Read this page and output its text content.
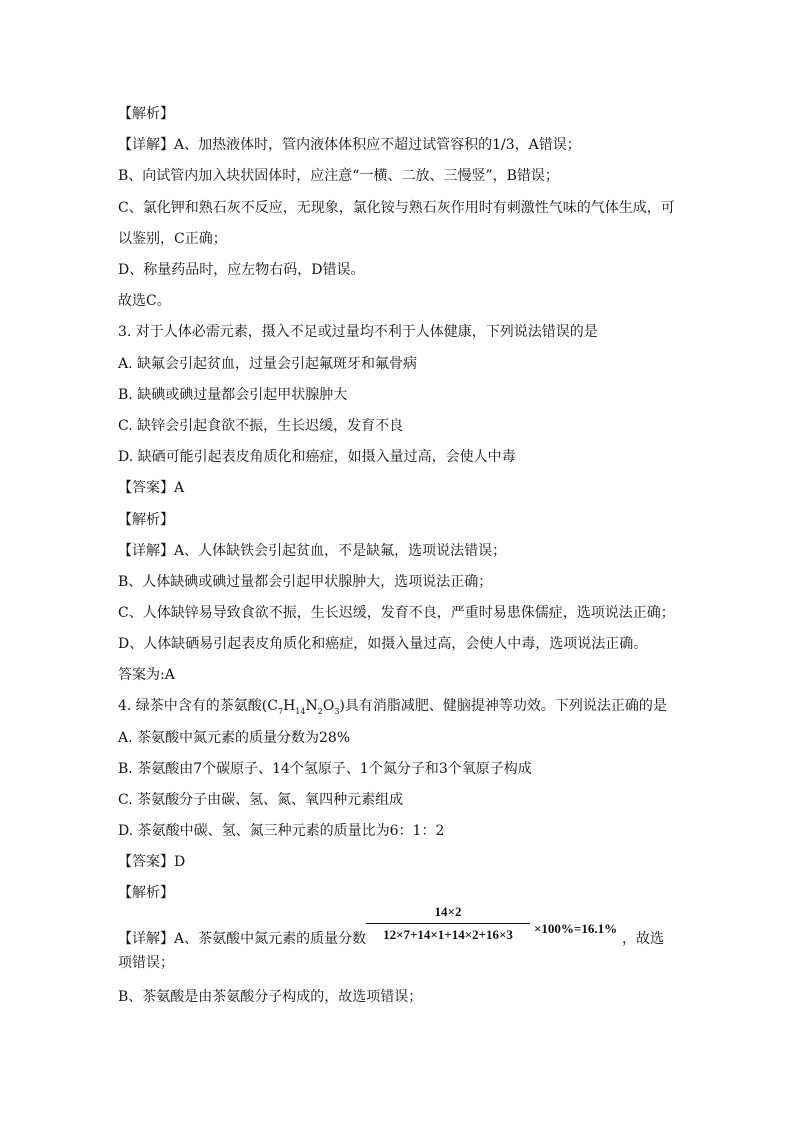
【解析】
【详解】A、加热液体时，管内液体体积应不超过试管容积的1/3，A错误；
B、向试管内加入块状固体时，应注意“一横、二放、三慢竖”，B错误；
C、氯化钾和熟石灰不反应，无现象，氯化铵与熟石灰作用时有刺激性气味的气体生成，可
以鉴别，C正确；
D、称量药品时，应左物右码，D错误。
故选C。
3. 对于人体必需元素，摄入不足或过量均不利于人体健康，下列说法错误的是
A. 缺氟会引起贫血，过量会引起氟斑牙和氟骨病
B. 缺碘或碘过量都会引起甲状腺肿大
C. 缺锌会引起食欲不振，生长迟缓，发育不良
D. 缺硒可能引起表皮角质化和癌症，如摄入量过高，会使人中毒
【答案】A
【解析】
【详解】A、人体缺铁会引起贫血，不是缺氟，选项说法错误；
B、人体缺碘或碘过量都会引起甲状腺肿大，选项说法正确；
C、人体缺锌易导致食欲不振，生长迟缓，发育不良，严重时易患侏儒症，选项说法正确；
D、人体缺硒易引起表皮角质化和癌症，如摄入量过高，会使人中毒，选项说法正确。
答案为:A
4. 绿茶中含有的茶氨酸$(C_7H_{14}N_2O_3)$具有消脂减肥、健脑提神等功效。下列说法正确的是
A. 茶氨酸中氮元素的质量分数为28%
B. 茶氨酸由7个碳原子、14个氢原子、1个氮分子和3个氧原子构成
C. 茶氨酸分子由碳、氢、氮、氧四种元素组成
D. 茶氨酸中碳、氢、氮三种元素的质量比为6：1：2
【答案】D
【解析】
【详解】A、茶氨酸中氮元素的质量分数
14×2
12×7+14×1+14×2+16×3	×100%=16.1%
，故选
项错误；
B、茶氨酸是由茶氨酸分子构成的，故选项错误；
